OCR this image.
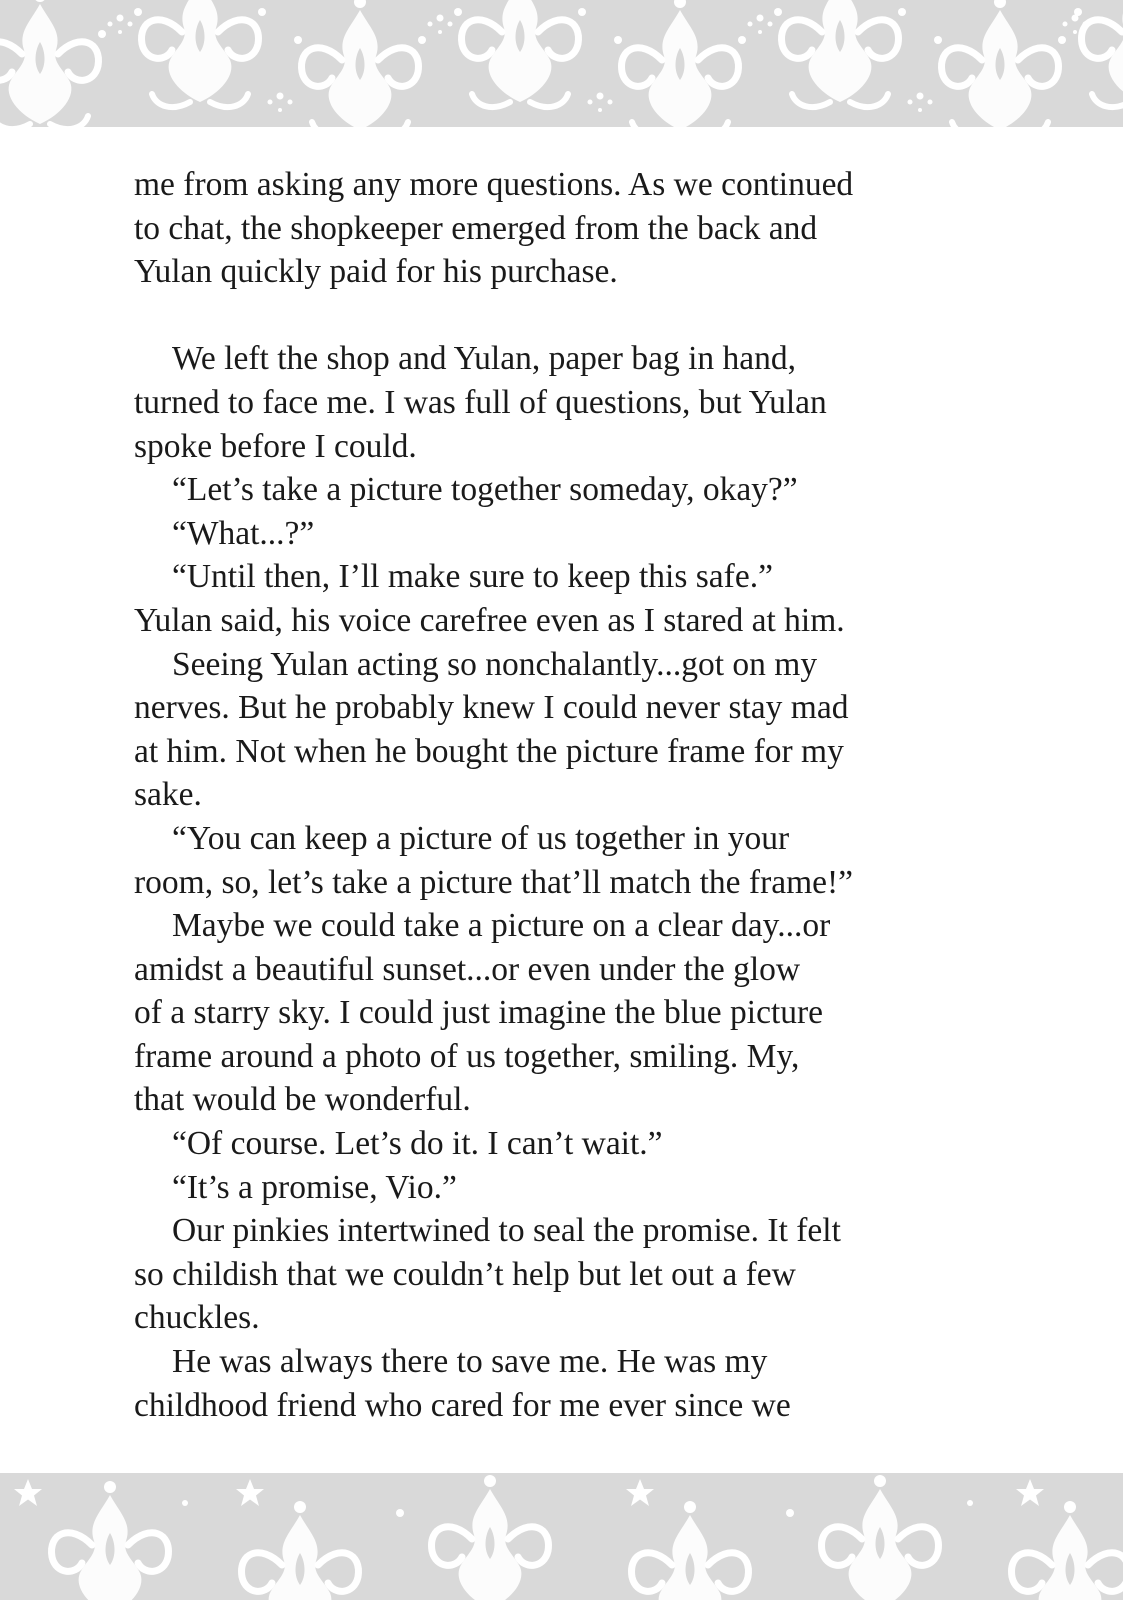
me from asking any more questions. As we continued
to chat, the shopkeeper emerged from the back and
Yulan quickly paid for his purchase.
We left the shop and Yulan, paper bag in hand,
turned to face me. I was full of questions, but Yulan
spoke before I could.
“Let’s take a picture together someday, okay?”
“What...?”
“Until then, I’ll make sure to keep this safe.”
Yulan said, his voice carefree even as I stared at him.
Seeing Yulan acting so nonchalantly...got on my
nerves. But he probably knew I could never stay mad
at him. Not when he bought the picture frame for my
sake.
“You can keep a picture of us together in your
room, so, let’s take a picture that’ll match the frame!”
Maybe we could take a picture on a clear day...or
amidst a beautiful sunset...or even under the glow
of a starry sky. I could just imagine the blue picture
frame around a photo of us together, smiling. My,
that would be wonderful.
“Of course. Let’s do it. I can’t wait.”
“It’s a promise, Vio.”
Our pinkies intertwined to seal the promise. It felt
so childish that we couldn’t help but let out a few
chuckles.
He was always there to save me. He was my
childhood friend who cared for me ever since we
